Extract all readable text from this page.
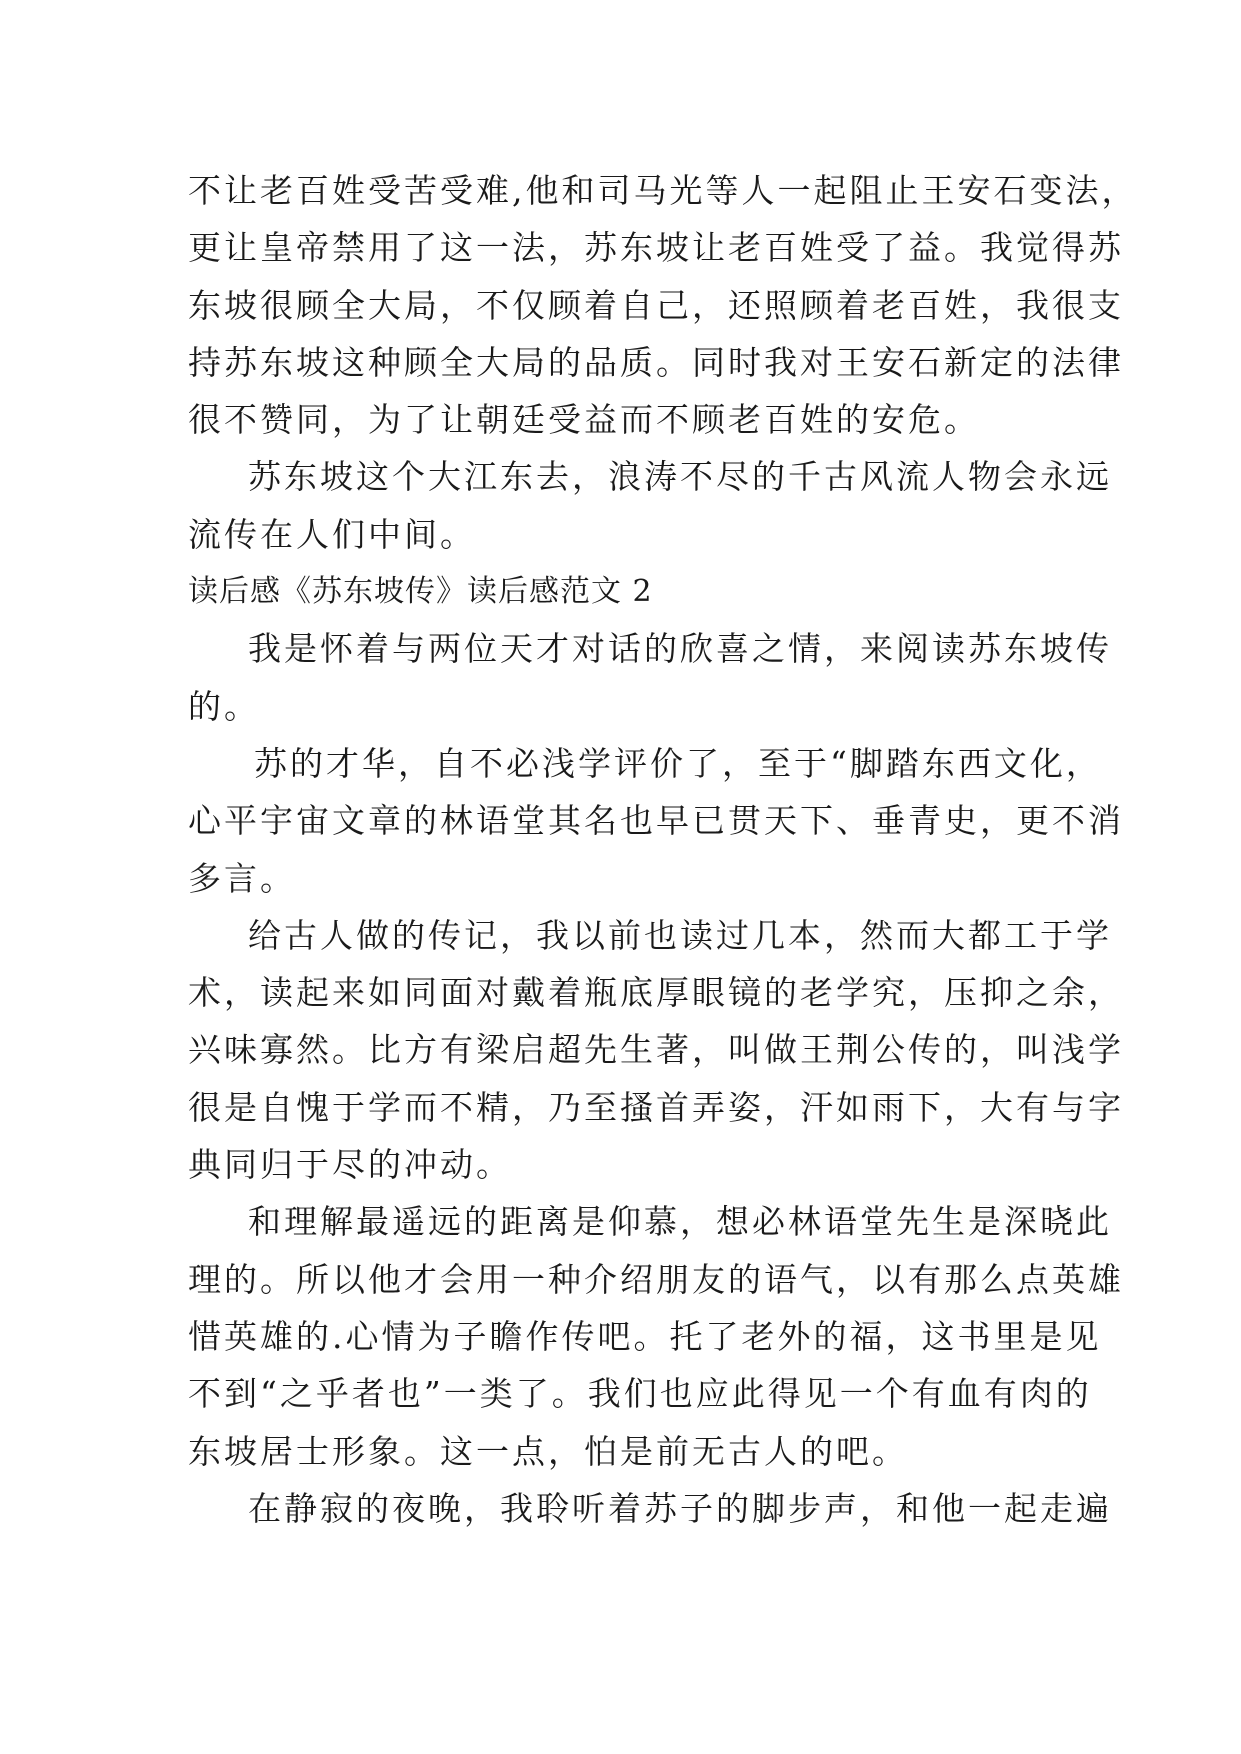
不让老百姓受苦受难,他和司马光等人一起阻止王安石变法，
更让皇帝禁用了这一法，苏东坡让老百姓受了益。我觉得苏
东坡很顾全大局，不仅顾着自己，还照顾着老百姓，我很支
持苏东坡这种顾全大局的品质。同时我对王安石新定的法律
很不赞同，为了让朝廷受益而不顾老百姓的安危。
苏东坡这个大江东去，浪涛不尽的千古风流人物会永远
流传在人们中间。
读后感《苏东坡传》读后感范文 2
我是怀着与两位天才对话的欣喜之情，来阅读苏东坡传
的。
苏的才华，自不必浅学评价了，至于“脚踏东西文化，
心平宇宙文章的林语堂其名也早已贯天下、垂青史，更不消
多言。
给古人做的传记，我以前也读过几本，然而大都工于学
术，读起来如同面对戴着瓶底厚眼镜的老学究，压抑之余，
兴味寡然。比方有梁启超先生著，叫做王荆公传的，叫浅学
很是自愧于学而不精，乃至搔首弄姿，汗如雨下，大有与字
典同归于尽的冲动。
和理解最遥远的距离是仰慕，想必林语堂先生是深晓此
理的。所以他才会用一种介绍朋友的语气，以有那么点英雄
惜英雄的.心情为子瞻作传吧。托了老外的福，这书里是见
不到“之乎者也”一类了。我们也应此得见一个有血有肉的
东坡居士形象。这一点，怕是前无古人的吧。
在静寂的夜晚，我聆听着苏子的脚步声，和他一起走遍
